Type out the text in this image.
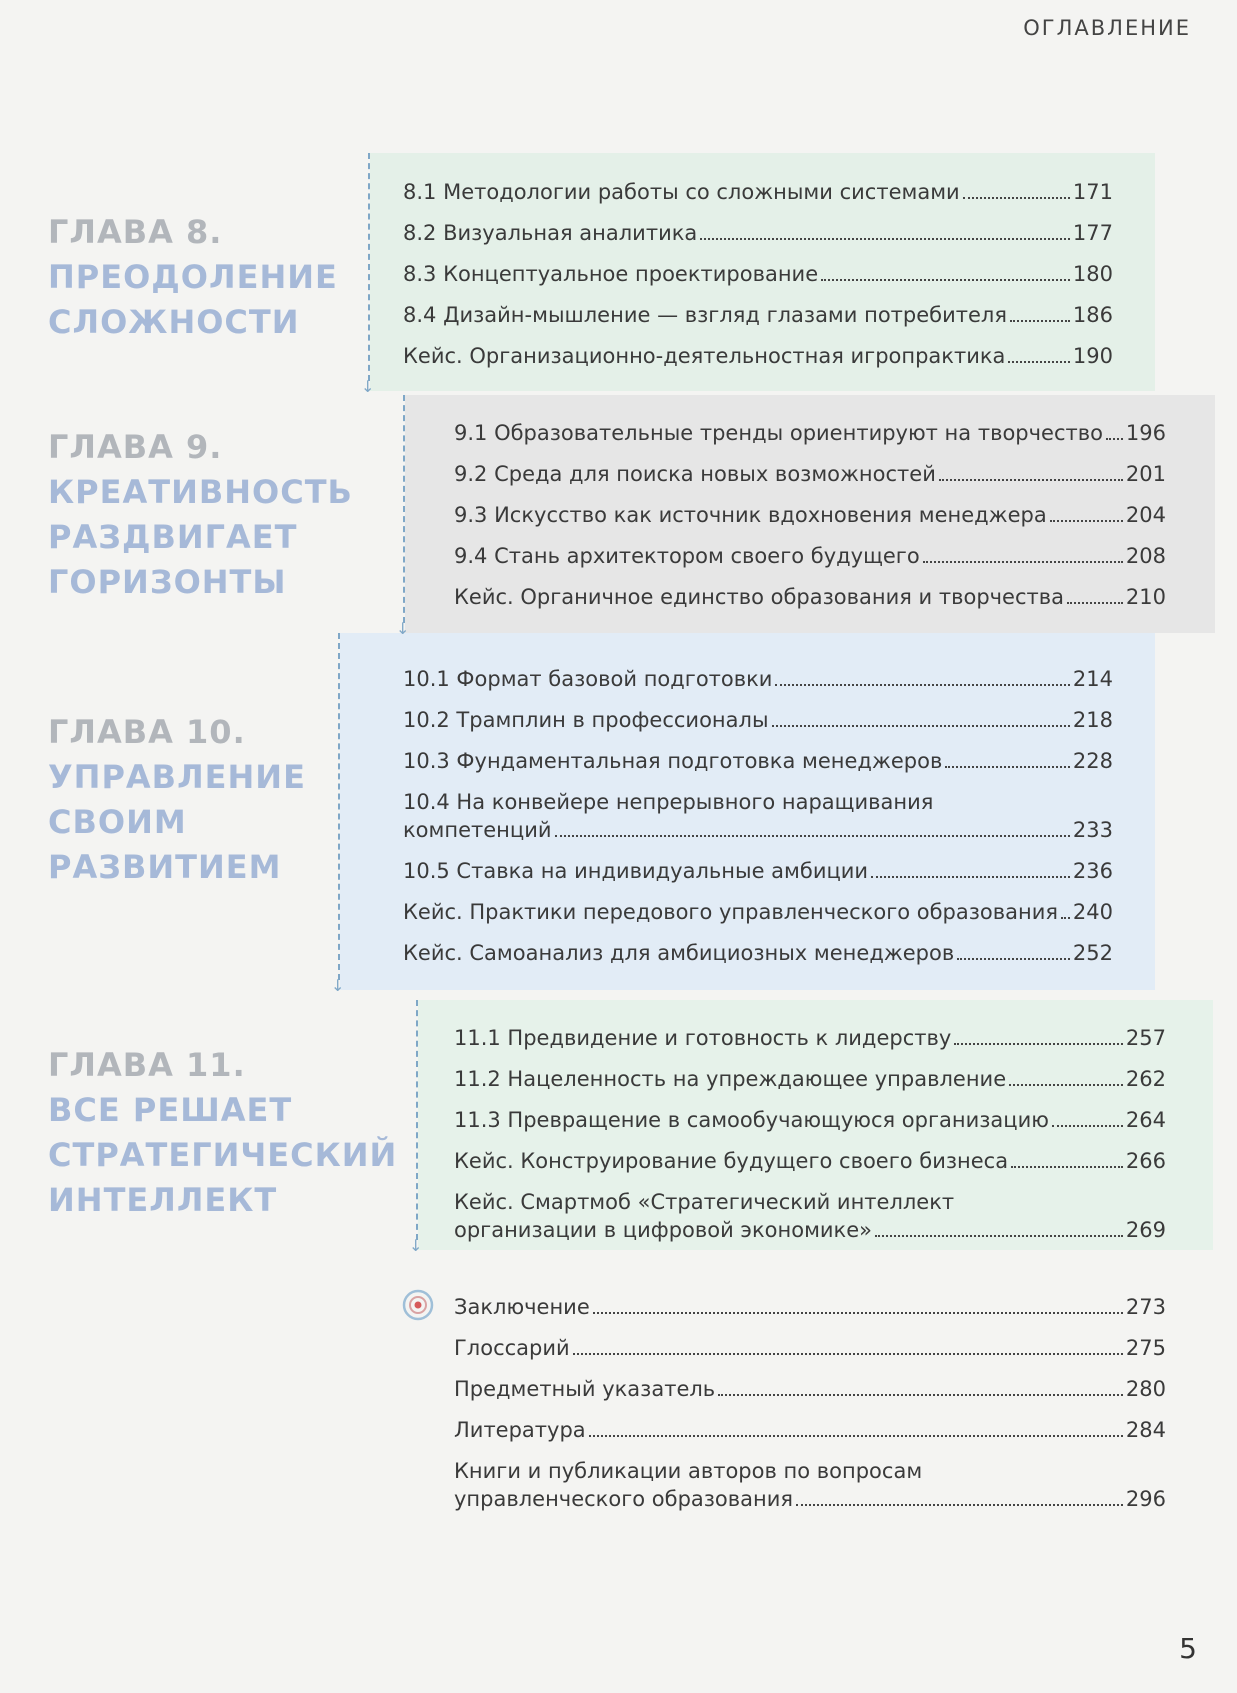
ОГЛАВЛЕНИЕ
ГЛАВА 8.
ПРЕОДОЛЕНИЕ
СЛОЖНОСТИ
ГЛАВА 9.
КРЕАТИВНОСТЬ
РАЗДВИГАЕТ
ГОРИЗОНТЫ
ГЛАВА 10.
УПРАВЛЕНИЕ
СВОИМ
РАЗВИТИЕМ
ГЛАВА 11.
ВСЕ РЕШАЕТ
СТРАТЕГИЧЕСКИЙ
ИНТЕЛЛЕКТ
↓
↓
↓
↓
8.1 Методологии работы со сложными системами	171
8.2 Визуальная аналитика	177
8.3 Концептуальное проектирование	180
8.4 Дизайн-мышление — взгляд глазами потребителя	186
Кейс. Организационно-деятельностная игропрактика	190
9.1 Образовательные тренды ориентируют на творчество 196
9.2 Среда для поиска новых возможностей	201
9.3 Искусство как источник вдохновения менеджера	204
9.4 Стань архитектором своего будущего	208
Кейс. Органичное единство образования и творчества	210
10.1 Формат базовой подготовки	214
10.2 Трамплин в профессионалы	218
10.3 Фундаментальная подготовка менеджеров	228
10.4 На конвейере непрерывного наращивания
компетенций	233
10.5 Ставка на индивидуальные амбиции	236
Кейс. Практики передового управленческого образования 240
Кейс. Самоанализ для амбициозных менеджеров	252
11.1 Предвидение и готовность к лидерству	257
11.2 Нацеленность на упреждающее управление	262
11.3 Превращение в самообучающуюся организацию	264
Кейс. Конструирование будущего своего бизнеса	266
Кейс. Смартмоб «Стратегический интеллект
организации в цифровой экономике»	269
Заключение	273
Глоссарий	275
Предметный указатель	280
Литература	284
Книги и публикации авторов по вопросам
управленческого образования	296
5
